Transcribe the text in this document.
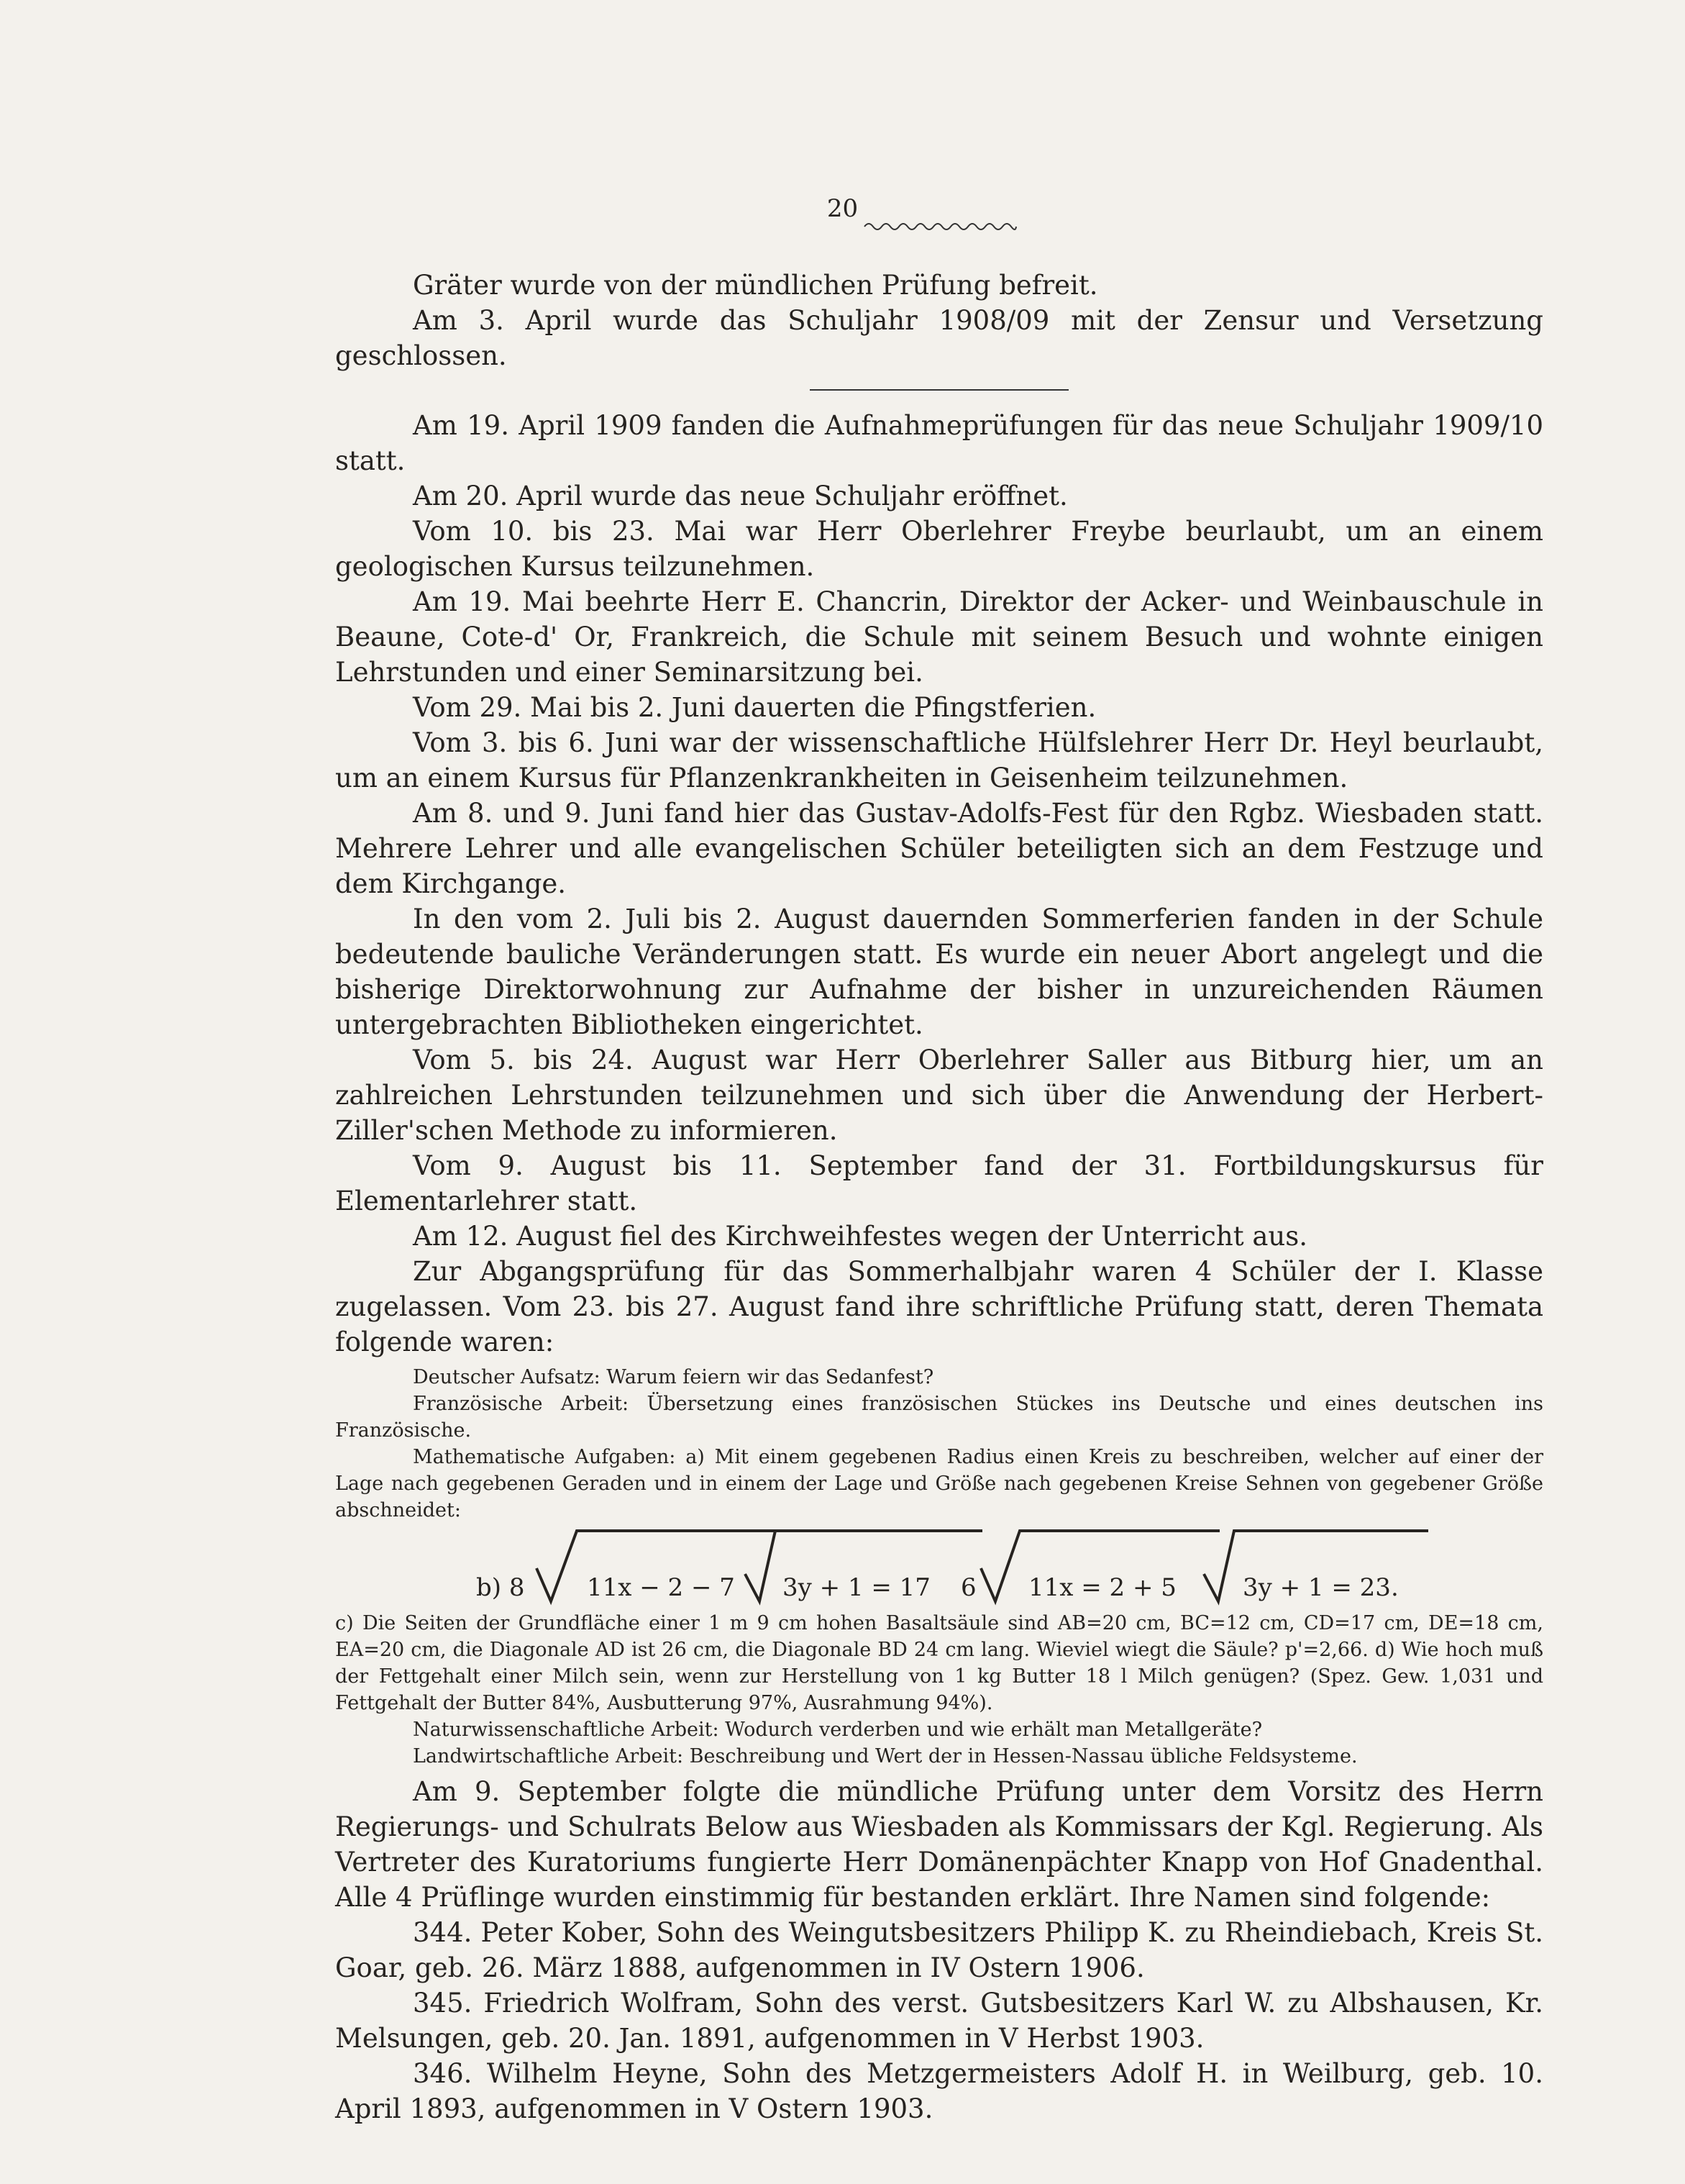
20

Gräter wurde von der mündlichen Prüfung befreit.

Am 3. April wurde das Schuljahr 1908/09 mit der Zensur und Versetzung geschlossen.

Am 19. April 1909 fanden die Aufnahmeprüfungen für das neue Schuljahr 1909/10 statt.

Am 20. April wurde das neue Schuljahr eröffnet.

Vom 10. bis 23. Mai war Herr Oberlehrer Freybe beurlaubt, um an einem geologischen Kursus teilzunehmen.

Am 19. Mai beehrte Herr E. Chancrin, Direktor der Acker- und Weinbauschule in Beaune, Cote-d' Or, Frankreich, die Schule mit seinem Besuch und wohnte einigen Lehrstunden und einer Seminarsitzung bei.

Vom 29. Mai bis 2. Juni dauerten die Pfingstferien.

Vom 3. bis 6. Juni war der wissenschaftliche Hülfslehrer Herr Dr. Heyl beurlaubt, um an einem Kursus für Pflanzenkrankheiten in Geisenheim teilzunehmen.

Am 8. und 9. Juni fand hier das Gustav-Adolfs-Fest für den Rgbz. Wiesbaden statt. Mehrere Lehrer und alle evangelischen Schüler beteiligten sich an dem Festzuge und dem Kirchgange.

In den vom 2. Juli bis 2. August dauernden Sommerferien fanden in der Schule bedeutende bauliche Veränderungen statt. Es wurde ein neuer Abort angelegt und die bisherige Direktorwohnung zur Aufnahme der bisher in unzureichenden Räumen untergebrachten Bibliotheken eingerichtet.

Vom 5. bis 24. August war Herr Oberlehrer Saller aus Bitburg hier, um an zahlreichen Lehrstunden teilzunehmen und sich über die Anwendung der Herbert-Ziller'schen Methode zu informieren.

Vom 9. August bis 11. September fand der 31. Fortbildungskursus für Elementarlehrer statt.

Am 12. August fiel des Kirchweihfestes wegen der Unterricht aus.

Zur Abgangsprüfung für das Sommerhalbjahr waren 4 Schüler der I. Klasse zugelassen. Vom 23. bis 27. August fand ihre schriftliche Prüfung statt, deren Themata folgende waren:

Deutscher Aufsatz: Warum feiern wir das Sedanfest?

Französische Arbeit: Übersetzung eines französischen Stückes ins Deutsche und eines deutschen ins Französische.

Mathematische Aufgaben: a) Mit einem gegebenen Radius einen Kreis zu beschreiben, welcher auf einer der Lage nach gegebenen Geraden und in einem der Lage und Größe nach gegebenen Kreise Sehnen von gegebener Größe abschneidet:

b) 8	11x − 2 − 7 3y + 1 = 17 6 11x = 2 + 5	3y + 1 = 23.

c) Die Seiten der Grundfläche einer 1 m 9 cm hohen Basaltsäule sind AB=20 cm, BC=12 cm, CD=17 cm, DE=18 cm, EA=20 cm, die Diagonale AD ist 26 cm, die Diagonale BD 24 cm lang. Wieviel wiegt die Säule? p'=2,66. d) Wie hoch muß der Fettgehalt einer Milch sein, wenn zur Herstellung von 1 kg Butter 18 l Milch genügen? (Spez. Gew. 1,031 und Fettgehalt der Butter 84%, Ausbutterung 97%, Ausrahmung 94%).

Naturwissenschaftliche Arbeit: Wodurch verderben und wie erhält man Metallgeräte?

Landwirtschaftliche Arbeit: Beschreibung und Wert der in Hessen-Nassau übliche Feldsysteme.

Am 9. September folgte die mündliche Prüfung unter dem Vorsitz des Herrn Regierungs- und Schulrats Below aus Wiesbaden als Kommissars der Kgl. Regierung. Als Vertreter des Kuratoriums fungierte Herr Domänenpächter Knapp von Hof Gnadenthal. Alle 4 Prüflinge wurden einstimmig für bestanden erklärt. Ihre Namen sind folgende:

344. Peter Kober, Sohn des Weingutsbesitzers Philipp K. zu Rheindiebach, Kreis St. Goar, geb. 26. März 1888, aufgenommen in IV Ostern 1906.

345. Friedrich Wolfram, Sohn des verst. Gutsbesitzers Karl W. zu Albshausen, Kr. Melsungen, geb. 20. Jan. 1891, aufgenommen in V Herbst 1903.

346. Wilhelm Heyne, Sohn des Metzgermeisters Adolf H. in Weilburg, geb. 10. April 1893, aufgenommen in V Ostern 1903.
